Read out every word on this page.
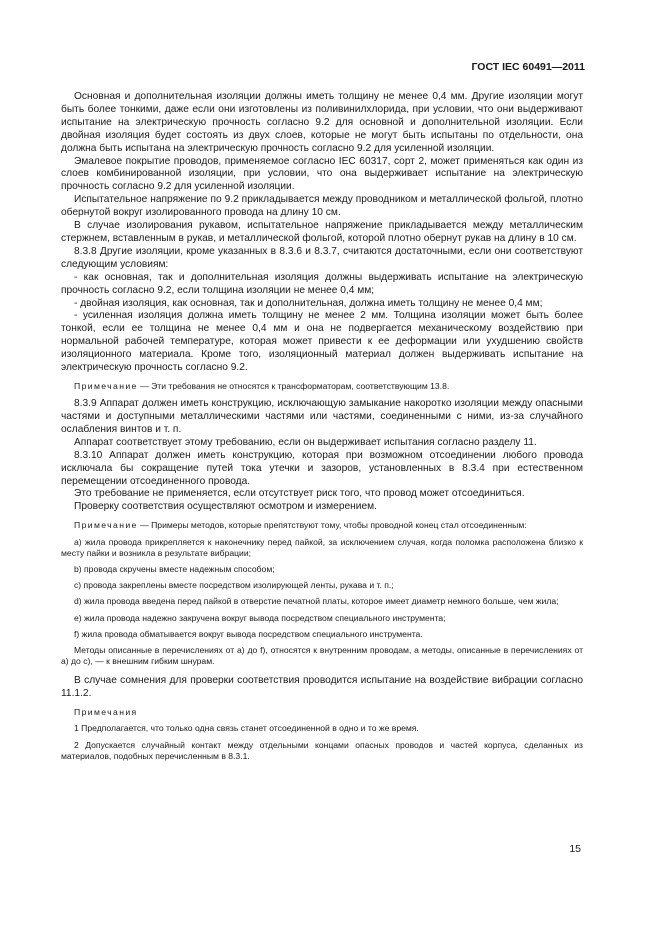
ГОСТ IEC 60491—2011

Основная и дополнительная изоляции должны иметь толщину не менее 0,4 мм. Другие изоляции могут быть более тонкими, даже если они изготовлены из поливинилхлорида, при условии, что они выдерживают испытание на электрическую прочность согласно 9.2 для основной и дополнительной изоляции. Если двойная изоляция будет состоять из двух слоев, которые не могут быть испытаны по отдельности, она должна быть испытана на электрическую прочность согласно 9.2 для усиленной изоляции.

Эмалевое покрытие проводов, применяемое согласно IEC 60317, сорт 2, может применяться как один из слоев комбинированной изоляции, при условии, что она выдерживает испытание на электрическую прочность согласно 9.2 для усиленной изоляции.

Испытательное напряжение по 9.2 прикладывается между проводником и металлической фольгой, плотно обернутой вокруг изолированного провода на длину 10 см.

В случае изолирования рукавом, испытательное напряжение прикладывается между металлическим стержнем, вставленным в рукав, и металлической фольгой, которой плотно обернут рукав на длину в 10 см.

8.3.8 Другие изоляции, кроме указанных в 8.3.6 и 8.3.7, считаются достаточными, если они соответствуют следующим условиям:

- как основная, так и дополнительная изоляция должны выдерживать испытание на электрическую прочность согласно 9.2, если толщина изоляции не менее 0,4 мм;

- двойная изоляция, как основная, так и дополнительная, должна иметь толщину не менее 0,4 мм;

- усиленная изоляция должна иметь толщину не менее 2 мм. Толщина изоляции может быть более тонкой, если ее толщина не менее 0,4 мм и она не подвергается механическому воздействию при нормальной рабочей температуре, которая может привести к ее деформации или ухудшению свойств изоляционного материала. Кроме того, изоляционный материал должен выдерживать испытание на электрическую прочность согласно 9.2.

Примечание — Эти требования не относятся к трансформаторам, соответствующим 13.8.

8.3.9 Аппарат должен иметь конструкцию, исключающую замыкание накоротко изоляции между опасными частями и доступными металлическими частями или частями, соединенными с ними, из-за случайного ослабления винтов и т. п.

Аппарат соответствует этому требованию, если он выдерживает испытания согласно разделу 11.

8.3.10 Аппарат должен иметь конструкцию, которая при возможном отсоединении любого провода исключала бы сокращение путей тока утечки и зазоров, установленных в 8.3.4 при естественном перемещении отсоединенного провода.

Это требование не применяется, если отсутствует риск того, что провод может отсоединиться.

Проверку соответствия осуществляют осмотром и измерением.

Примечание — Примеры методов, которые препятствуют тому, чтобы проводной конец стал отсоединенным:

a) жила провода прикрепляется к наконечнику перед пайкой, за исключением случая, когда поломка расположена близко к месту пайки и возникла в результате вибрации;

b) провода скручены вместе надежным способом;

c) провода закреплены вместе посредством изолирующей ленты, рукава и т. п.;

d) жила провода введена перед пайкой в отверстие печатной платы, которое имеет диаметр немного больше, чем жила;

e) жила провода надежно закручена вокруг вывода посредством специального инструмента;

f) жила провода обматывается вокруг вывода посредством специального инструмента.

Методы описанные в перечислениях от a) до f), относятся к внутренним проводам, а методы, описанные в перечислениях от a) до c), — к внешним гибким шнурам.

В случае сомнения для проверки соответствия проводится испытание на воздействие вибрации согласно 11.1.2.

Примечания

1 Предполагается, что только одна связь станет отсоединенной в одно и то же время.

2 Допускается случайный контакт между отдельными концами опасных проводов и частей корпуса, сделанных из материалов, подобных перечисленным в 8.3.1.

15
